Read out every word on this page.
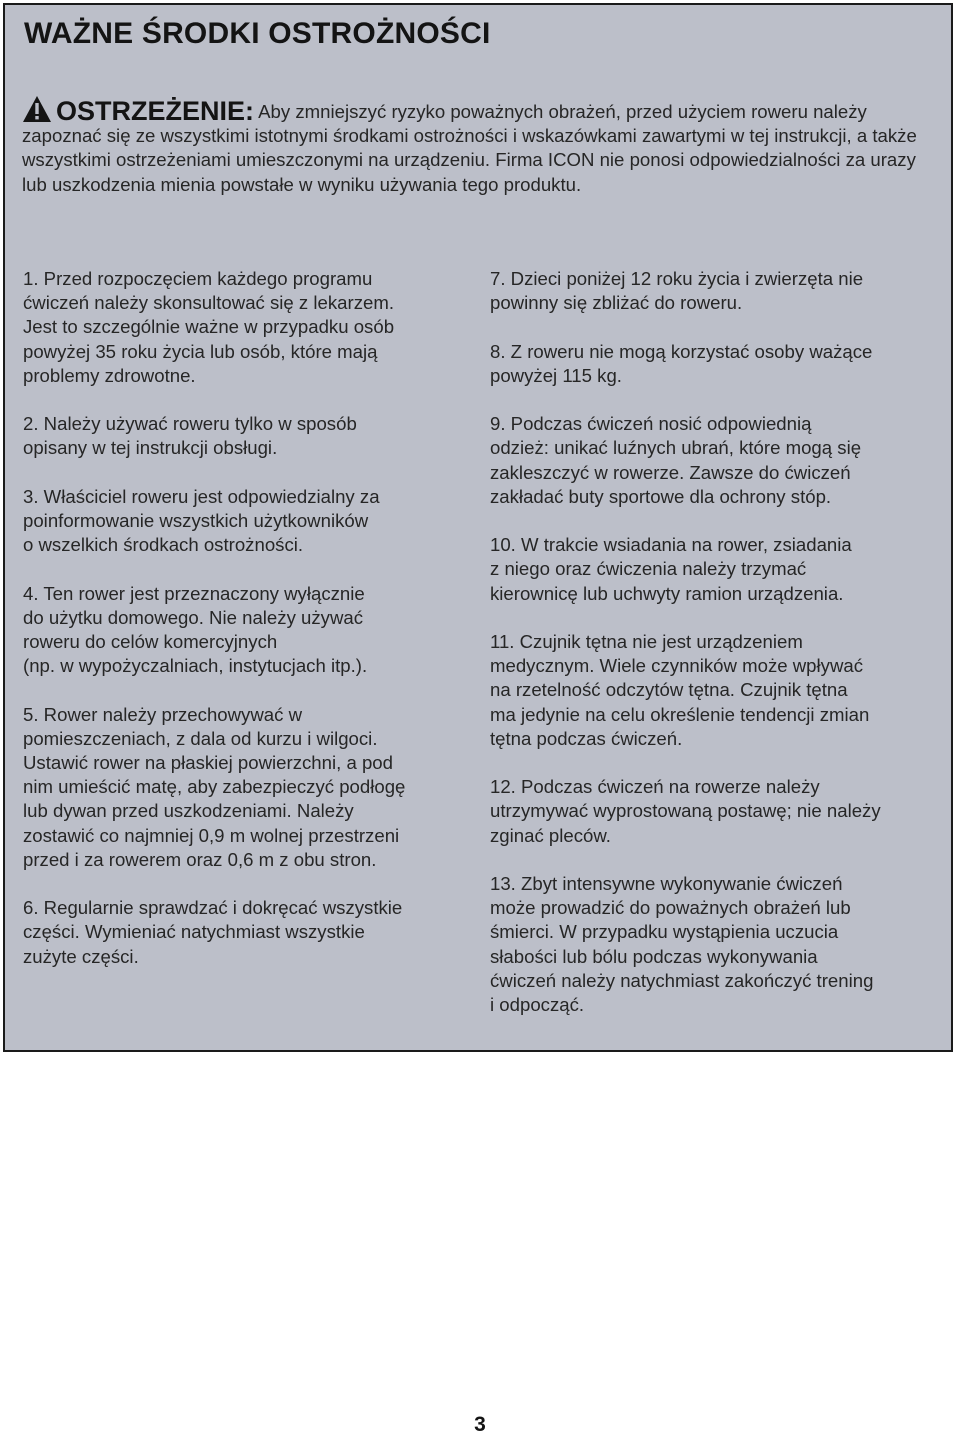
WAŻNE ŚRODKI OSTROŻNOŚCI
OSTRZEŻENIE: Aby zmniejszyć ryzyko poważnych obrażeń, przed użyciem roweru należy zapoznać się ze wszystkimi istotnymi środkami ostrożności i wskazówkami zawartymi w tej instrukcji, a także wszystkimi ostrzeżeniami umieszczonymi na urządzeniu. Firma ICON nie ponosi odpowiedzialności za urazy lub uszkodzenia mienia powstałe w wyniku używania tego produktu.

1. Przed rozpoczęciem każdego programu
ćwiczeń należy skonsultować się z lekarzem.
Jest to szczególnie ważne w przypadku osób
powyżej 35 roku życia lub osób, które mają
problemy zdrowotne.

2. Należy używać roweru tylko w sposób
opisany w tej instrukcji obsługi.

3. Właściciel roweru jest odpowiedzialny za
poinformowanie wszystkich użytkowników
o wszelkich środkach ostrożności.

4. Ten rower jest przeznaczony wyłącznie
do użytku domowego. Nie należy używać
roweru do celów komercyjnych
(np. w wypożyczalniach, instytucjach itp.).

5. Rower należy przechowywać w
pomieszczeniach, z dala od kurzu i wilgoci.
Ustawić rower na płaskiej powierzchni, a pod
nim umieścić matę, aby zabezpieczyć podłogę
lub dywan przed uszkodzeniami. Należy
zostawić co najmniej 0,9 m wolnej przestrzeni
przed i za rowerem oraz 0,6 m z obu stron.

6. Regularnie sprawdzać i dokręcać wszystkie
części. Wymieniać natychmiast wszystkie
zużyte części.

7. Dzieci poniżej 12 roku życia i zwierzęta nie
powinny się zbliżać do roweru.

8. Z roweru nie mogą korzystać osoby ważące
powyżej 115 kg.

9. Podczas ćwiczeń nosić odpowiednią
odzież: unikać luźnych ubrań, które mogą się
zakleszczyć w rowerze. Zawsze do ćwiczeń
zakładać buty sportowe dla ochrony stóp.

10. W trakcie wsiadania na rower, zsiadania
z niego oraz ćwiczenia należy trzymać
kierownicę lub uchwyty ramion urządzenia.

11. Czujnik tętna nie jest urządzeniem
medycznym. Wiele czynników może wpływać
na rzetelność odczytów tętna. Czujnik tętna
ma jedynie na celu określenie tendencji zmian
tętna podczas ćwiczeń.

12. Podczas ćwiczeń na rowerze należy
utrzymywać wyprostowaną postawę; nie należy
zginać pleców.

13. Zbyt intensywne wykonywanie ćwiczeń
może prowadzić do poważnych obrażeń lub
śmierci. W przypadku wystąpienia uczucia
słabości lub bólu podczas wykonywania
ćwiczeń należy natychmiast zakończyć trening
i odpocząć.

3
